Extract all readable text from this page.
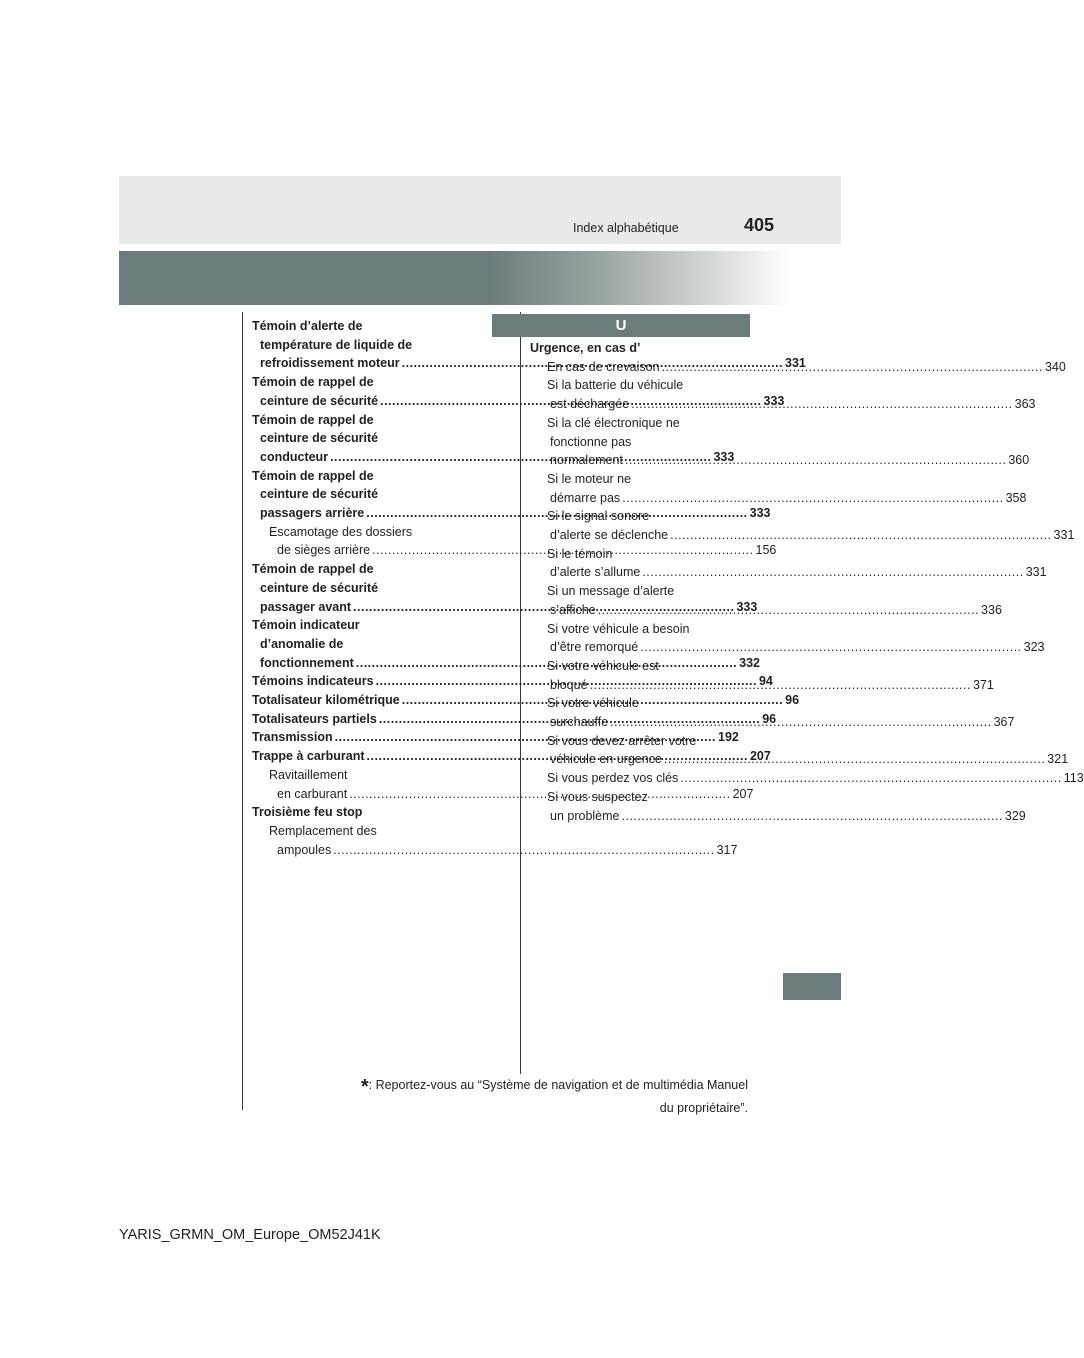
Index alphabétique	405
Témoin d’alerte de
température de liquide de
refroidissement moteur .....	331
Témoin de rappel de
ceinture de sécurité .....	333
Témoin de rappel de
ceinture de sécurité
conducteur .....	333
Témoin de rappel de
ceinture de sécurité
passagers arrière .....	333
Escamotage des dossiers
de sièges arrière .....	156
Témoin de rappel de
ceinture de sécurité
passager avant .....	333
Témoin indicateur
d’anomalie de
fonctionnement .....	332
Témoins indicateurs .....	94
Totalisateur kilométrique .....	96
Totalisateurs partiels .....	96
Transmission .....	192
Trappe à carburant .....	207
Ravitaillement
en carburant .....	207
Troisième feu stop
Remplacement des
ampoules .....	317
U
Urgence, en cas d’
En cas de crevaison .....	340
Si la batterie du véhicule
est déchargée .....	363
Si la clé électronique ne
fonctionne pas
normalement .....	360
Si le moteur ne
démarre pas .....	358
Si le signal sonore
d’alerte se déclenche .....	331
Si le témoin
d’alerte s’allume .....	331
Si un message d’alerte
s’affiche .....	336
Si votre véhicule a besoin
d’être remorqué .....	323
Si votre véhicule est
bloqué .....	371
Si votre véhicule
surchauffe .....	367
Si vous devez arrêter votre
véhicule en urgence .....	321
Si vous perdez vos clés .....	113
Si vous suspectez
un problème .....	329
*: Reportez-vous au “Système de navigation et de multimédia Manuel
du propriétaire”.
YARIS_GRMN_OM_Europe_OM52J41K
